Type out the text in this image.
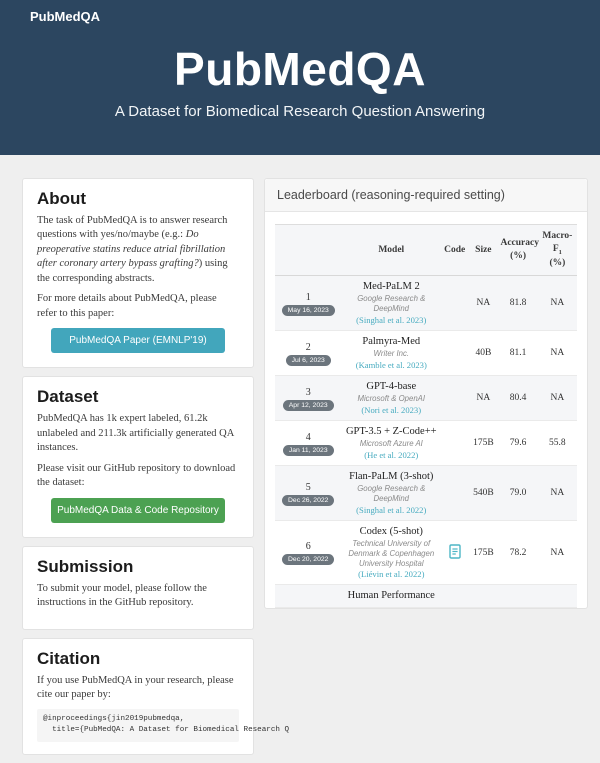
PubMedQA
PubMedQA
A Dataset for Biomedical Research Question Answering
About

The task of PubMedQA is to answer research questions with yes/no/maybe (e.g.: Do preoperative statins reduce atrial fibrillation after coronary artery bypass grafting?) using the corresponding abstracts.

For more details about PubMedQA, please refer to this paper:

PubMedQA Paper (EMNLP'19)
Dataset

PubMedQA has 1k expert labeled, 61.2k unlabeled and 211.3k artificially generated QA instances.

Please visit our GitHub repository to download the dataset:

PubMedQA Data & Code Repository
Submission

To submit your model, please follow the instructions in the GitHub repository.

Citation

If you use PubMedQA in your research, please cite our paper by:

@inproceedings{jin2019pubmedqa,
title={PubMedQA: A Dataset for Biomedical Research Q
Leaderboard (reasoning-required setting)
	Model	Code	Size	Accuracy
(%)	Macro-$F_1$
(%)

1
May 16, 2023	
Med-PaLM 2
Google Research & DeepMind
(Singhal et al. 2023)
		NA	81.8	NA

2
Jul 6, 2023	
Palmyra-Med
Writer Inc.
(Kamble et al. 2023)
		40B	81.1	NA

3
Apr 12, 2023	
GPT-4-base
Microsoft & OpenAI
(Nori et al. 2023)
		NA	80.4	NA

4
Jan 11, 2023	
GPT-3.5 + Z-Code++
Microsoft Azure AI
(He et al. 2022)
		175B	79.6	55.8

5
Dec 26, 2022	
Flan-PaLM (3-shot)
Google Research & DeepMind
(Singhal et al. 2022)
		540B	79.0	NA

6
Dec 20, 2022	
Codex (5-shot)
Technical University of Denmark & Copenhagen University Hospital
(Liévin et al. 2022)
		175B	78.2	NA

	Human Performance				
